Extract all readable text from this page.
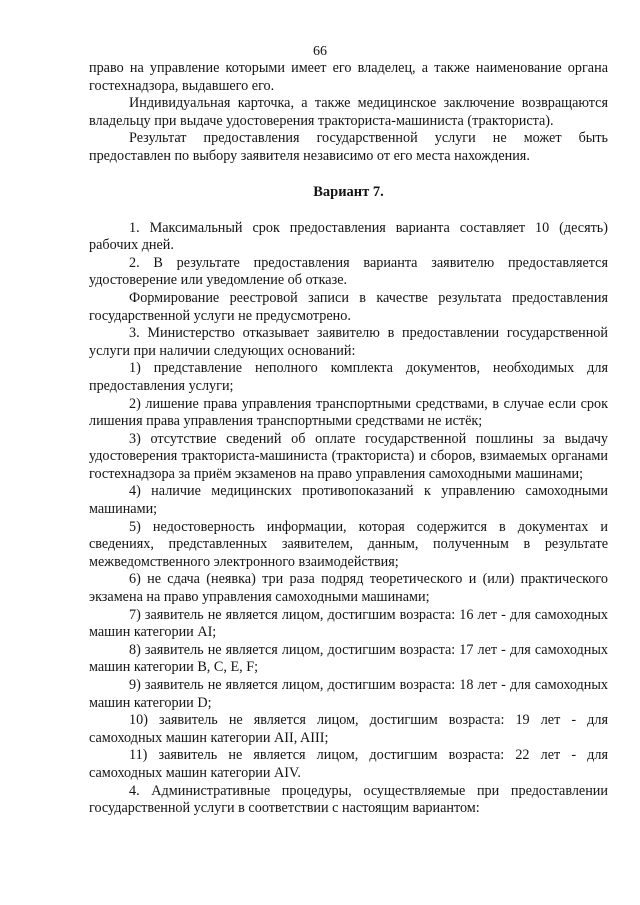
66

право на управление которыми имеет его владелец, а также наименование органа гостехнадзора, выдавшего его.

Индивидуальная карточка, а также медицинское заключение возвращаются владельцу при выдаче удостоверения тракториста-машиниста (тракториста).

Результат предоставления государственной услуги не может быть предоставлен по выбору заявителя независимо от его места нахождения.

Вариант 7.

1. Максимальный срок предоставления варианта составляет 10 (десять) рабочих дней.

2. В результате предоставления варианта заявителю предоставляется удостоверение или уведомление об отказе.

Формирование реестровой записи в качестве результата предоставления государственной услуги не предусмотрено.

3. Министерство отказывает заявителю в предоставлении государственной услуги при наличии следующих оснований:

1) представление неполного комплекта документов, необходимых для предоставления услуги;

2) лишение права управления транспортными средствами, в случае если срок лишения права управления транспортными средствами не истёк;

3) отсутствие сведений об оплате государственной пошлины за выдачу удостоверения тракториста-машиниста (тракториста) и сборов, взимаемых органами гостехнадзора за приём экзаменов на право управления самоходными машинами;

4) наличие медицинских противопоказаний к управлению самоходными машинами;

5) недостоверность информации, которая содержится в документах и сведениях, представленных заявителем, данным, полученным в результате межведомственного электронного взаимодействия;

6) не сдача (неявка) три раза подряд теоретического и (или) практического экзамена на право управления самоходными машинами;

7) заявитель не является лицом, достигшим возраста: 16 лет - для самоходных машин категории AI;

8) заявитель не является лицом, достигшим возраста: 17 лет - для самоходных машин категории B, C, E, F;

9) заявитель не является лицом, достигшим возраста: 18 лет - для самоходных машин категории D;

10) заявитель не является лицом, достигшим возраста: 19 лет - для самоходных машин категории AII, AIII;

11) заявитель не является лицом, достигшим возраста: 22 лет - для самоходных машин категории AIV.

4. Административные процедуры, осуществляемые при предоставлении государственной услуги в соответствии с настоящим вариантом:
